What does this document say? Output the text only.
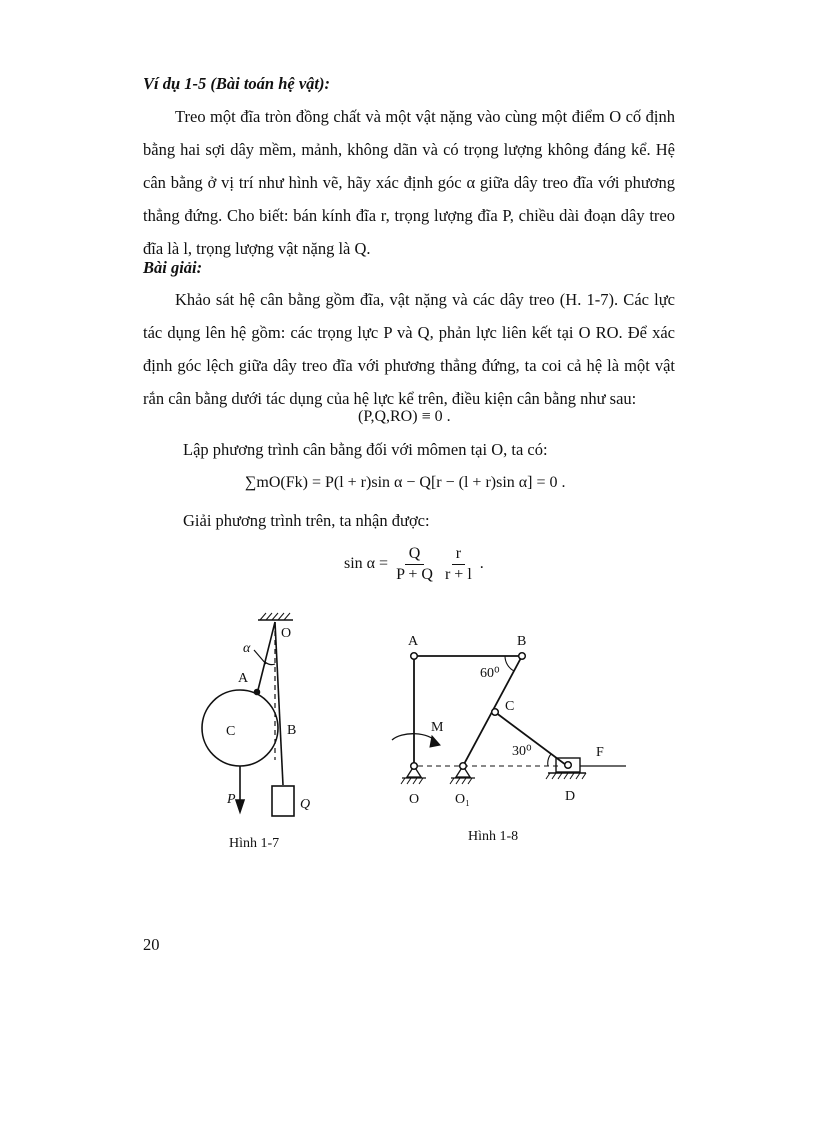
Ví dụ 1-5 (Bài toán hệ vật):
Treo một đĩa tròn đồng chất và một vật nặng vào cùng một điểm O cố định bằng hai sợi dây mềm, mảnh, không dãn và có trọng lượng không đáng kể. Hệ cân bằng ở vị trí như hình vẽ, hãy xác định góc α giữa dây treo đĩa với phương thẳng đứng. Cho biết: bán kính đĩa r, trọng lượng đĩa P, chiều dài đoạn dây treo đĩa là l, trọng lượng vật nặng là Q.
Bài giải:
Khảo sát hệ cân bằng gồm đĩa, vật nặng và các dây treo (H. 1-7). Các lực tác dụng lên hệ gồm: các trọng lực P và Q, phản lực liên kết tại O RO. Để xác định góc lệch giữa dây treo đĩa với phương thẳng đứng, ta coi cả hệ là một vật rắn cân bằng dưới tác dụng của hệ lực kể trên, điều kiện cân bằng như sau:
(P,Q,RO) ≡ 0 .
Lập phương trình cân bằng đối với mômen tại O, ta có:
∑mO(Fk) = P(l + r)sin α − Q[r − (l + r)sin α] = 0 .
Giải phương trình trên, ta nhận được:
$\sin \alpha = \frac{Q}{P + Q}$
$\frac{r}{r + l}$ .
O
α
A
C	B
P	Q
Hình 1-7
A	B
60⁰
C
M
30⁰	F
O	O₁	D
Hình 1-8
20
